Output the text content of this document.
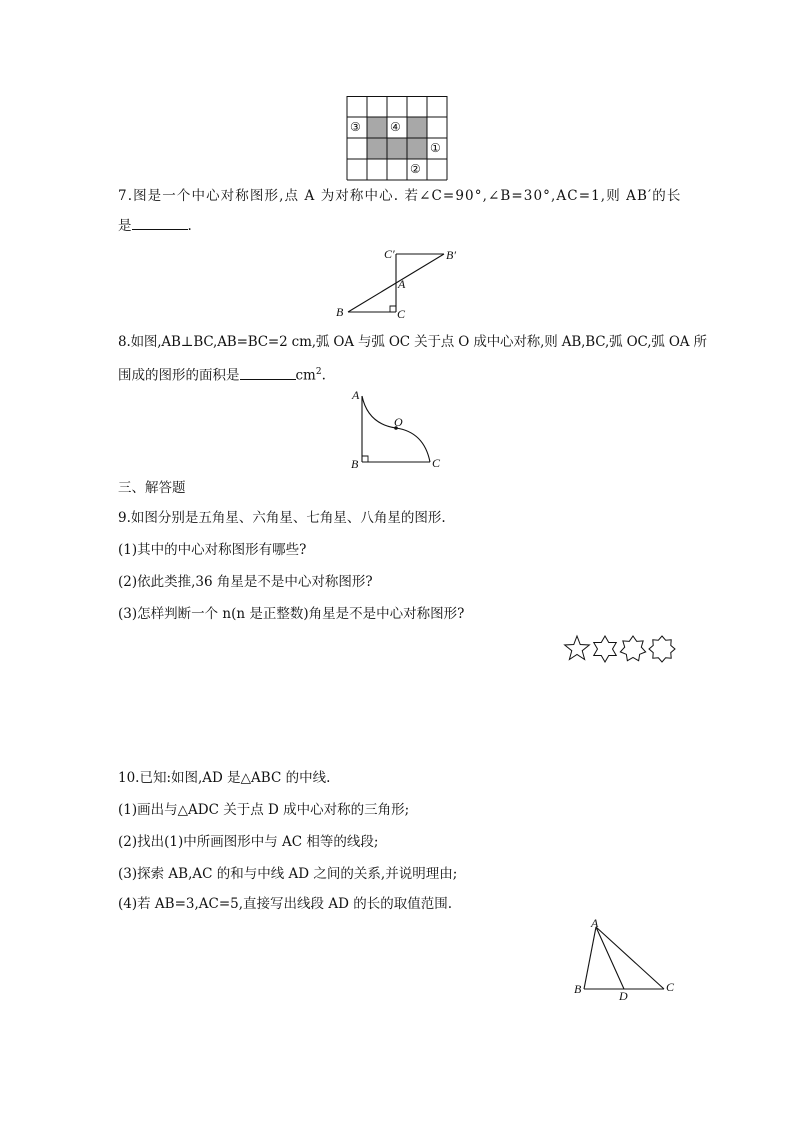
③ ④
①
②
7.图是一个中心对称图形,点 A 为对称中心. 若∠C=90°,∠B=30°,AC=1,则 AB′的长
是	.
C′	B′
A
B	C
8.如图,AB⊥BC,AB=BC=2 cm,弧 OA 与弧 OC 关于点 O 成中心对称,则 AB,BC,弧 OC,弧 OA 所
围成的图形的面积是	$cm^2$.
A
O
B	C
三、解答题
9.如图分别是五角星、六角星、七角星、八角星的图形.
(1)其中的中心对称图形有哪些?
(2)依此类推,36 角星是不是中心对称图形?
(3)怎样判断一个 n(n 是正整数)角星是不是中心对称图形?
10.已知:如图,AD 是△ABC 的中线.
(1)画出与△ADC 关于点 D 成中心对称的三角形;
(2)找出(1)中所画图形中与 AC 相等的线段;
(3)探索 AB,AC 的和与中线 AD 之间的关系,并说明理由;
(4)若 AB=3,AC=5,直接写出线段 AD 的长的取值范围.
A
B	D
C
